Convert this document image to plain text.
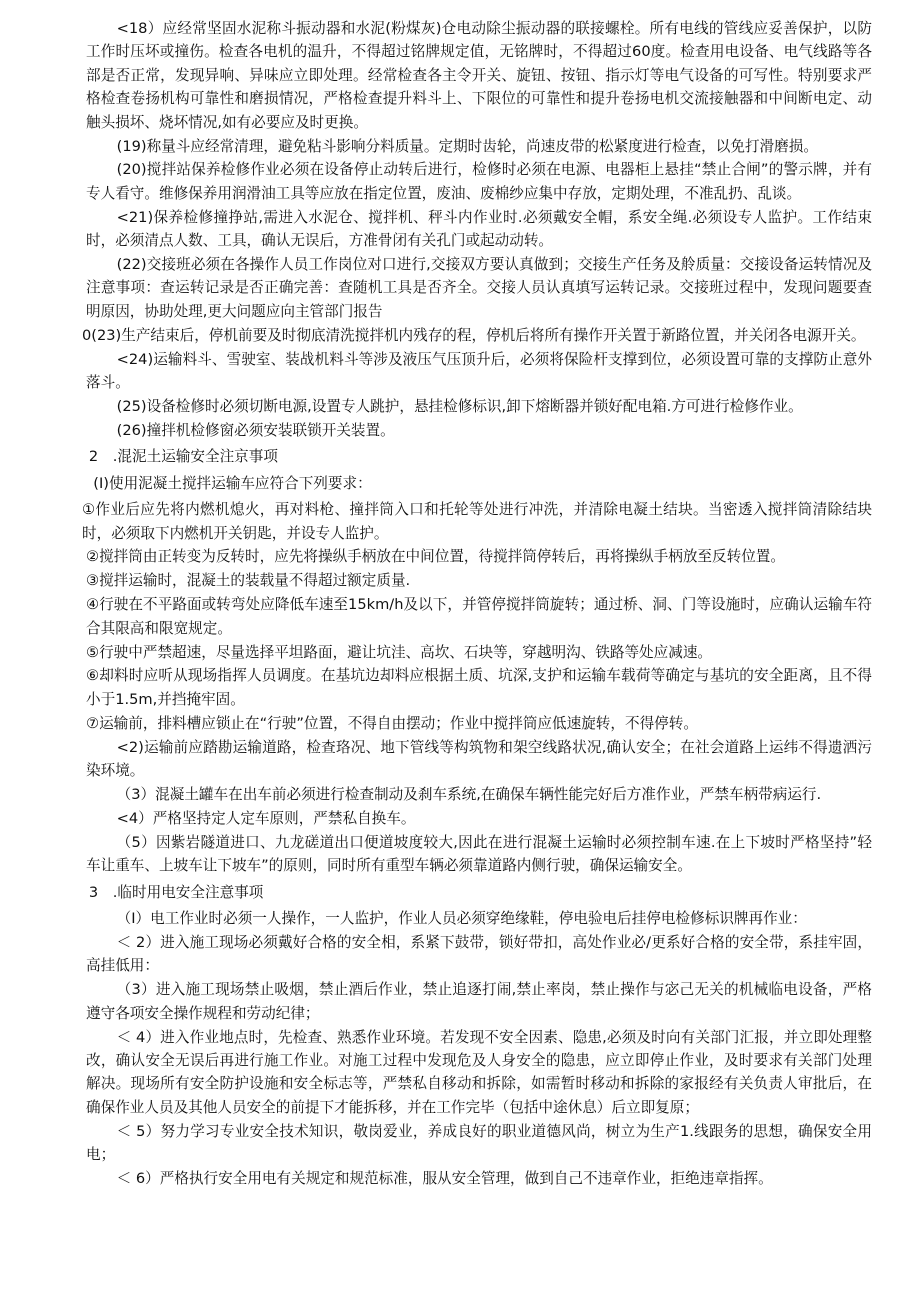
<18）应经常坚固水泥称斗振动器和水泥(粉煤灰)仓电动除尘振动器的联接螺栓。所有电线的管线应妥善保护，以防工作时压坏或撞伤。检查各电机的温升，不得超过铭牌规定值，无铭牌时，不得超过60度。检查用电设备、电气线路等各部是否正常，发现异响、异味应立即处理。经常检查各主令开关、旋钮、按钮、指示灯等电气设备的可写性。特别要求严格检查卷扬机构可靠性和磨损情况，严格检查提升料斗上、下限位的可靠性和提升卷扬电机交流接触器和中间断电定、动触头损坏、烧坏情况,如有必要应及时更换。

(19)称量斗应经常清理，避免粘斗影响分料质量。定期时齿轮，尚速皮带的松紧度进行检查，以免打滑磨损。

(20)搅拌站保养检修作业必须在设备停止动转后进行，检修时必须在电源、电器柜上悬挂“禁止合闸”的警示牌，并有专人看守。维修保养用润滑油工具等应放在指定位置，废油、废棉纱应集中存放，定期处理，不准乱扔、乱谈。

<21)保养检修撞挣站,需进入水泥仓、搅拌机、秤斗内作业时.必须戴安全帽，系安全绳.必须设专人监护。工作结束时，必须清点人数、工具，确认无误后，方准骨闭有关孔门或起动动转。

(22)交接班必须在各操作人员工作岗位对口进行,交接双方要认真做到；交接生产任务及舲质量：交接设备运转情况及注意事项：查运转记录是否正确完善：查随机工具是否齐全。交接人员认真填写运转记录。交接班过程中，发现问题要查明原因，协助处理,更大问题应向主管部门报告

0(23)生产结束后，停机前要及时彻底清洗搅拌机内残存的程，停机后将所有操作开关置于新路位置，并关闭各电源开关。

<24)运输料斗、雪驶室、装战机料斗等涉及液压气压顶升后，必须将保险杆支撑到位，必须设置可靠的支撑防止意外落斗。

(25)设备检修时必须切断电源,设置专人跳护，悬挂检修标识,卸下熔断器并锁好配电箱.方可进行检修作业。

(26)撞拌机检修窗必须安装联锁开关装置。

2　.混泥土运输安全注京事项

(I)使用泥凝土搅拌运输车应符合下列要求：

①作业后应先将内燃机熄火，再对料枪、撞拌筒入口和托轮等处进行冲洗，并清除电凝土结块。当密透入搅拌筒清除结块时，必须取下内燃机开关钥匙，并设专人监护。

②搅拌筒由正转变为反转时，应先将操纵手柄放在中间位置，待搅拌筒停转后，再将操纵手柄放至反转位置。

③搅拌运输时，混凝土的装载量不得超过额定质量.

④行驶在不平路面或转弯处应降低车速至15km/h及以下，并管停搅拌筒旋转；通过桥、洞、门等设施时，应确认运输车符合其限高和限宽规定。

⑤行驶中严禁超速，尽量选择平坦路面，避让坑洼、高坎、石块等，穿越明沟、铁路等处应减速。

⑥却料时应听从现场指挥人员调度。在基坑边却料应根据土质、坑深,支护和运输车载荷等确定与基坑的安全距离，且不得小于1.5m,并挡掩牢固。

⑦运输前，排料槽应锁止在“行驶”位置，不得自由摆动；作业中搅拌筒应低速旋转，不得停转。

<2)运输前应踏勘运输道路，检查珞况、地下管线等构筑物和架空线路状况,确认安全；在社会道路上运纬不得遗洒污染环境。

（3）混凝土罐车在出车前必须进行检查制动及刹车系统,在确保车辆性能完好后方准作业，严禁车柄带病运行.

<4）严格坚持定人定车原则，严禁私自换车。

（5）因紫岩隧道进口、九龙磋道出口便道坡度较大,因此在进行混凝土运输时必须控制车速.在上下坡时严格坚持”轻车让重车、上坡车让下坡车”的原则，同时所有重型车辆必须靠道路内侧行驶，确保运输安全。

3　.临时用电安全注意事项

（I）电工作业时必须一人操作，一人监护，作业人员必须穿绝缘鞋，停电验电后挂停电检修标识牌再作业：

＜ 2）进入施工现场必须戴好合格的安全相，系紧下鼓带，锁好带扣，高处作业必/更系好合格的安全带，系挂牢固，高挂低用：

（3）进入施工现场禁止吸烟，禁止酒后作业，禁止追逐打闹,禁止率岗，禁止操作与宓己无关的机械临电设备，严格遵守各项安全操作规程和劳动纪律；

＜ 4）进入作业地点时，先检查、熟悉作业环境。若发现不安全因素、隐患,必须及时向有关部门汇报，并立即处理整改，确认安全无误后再进行施工作业。对施工过程中发现危及人身安全的隐患，应立即停止作业，及时要求有关部门处理解决。现场所有安全防护设施和安全标志等，严禁私自移动和拆除，如需暂时移动和拆除的家报经有关负责人审批后，在确保作业人员及其他人员安全的前提下才能拆移，并在工作完毕（包括中途休息）后立即复原；

＜ 5）努力学习专业安全技术知识，敬岗爱业，养成良好的职业道德风尚，树立为生产1.线跟务的思想，确保安全用电；

＜ 6）严格执行安全用电有关规定和规范标准，服从安全管理，做到自己不违章作业，拒绝违章指挥。
